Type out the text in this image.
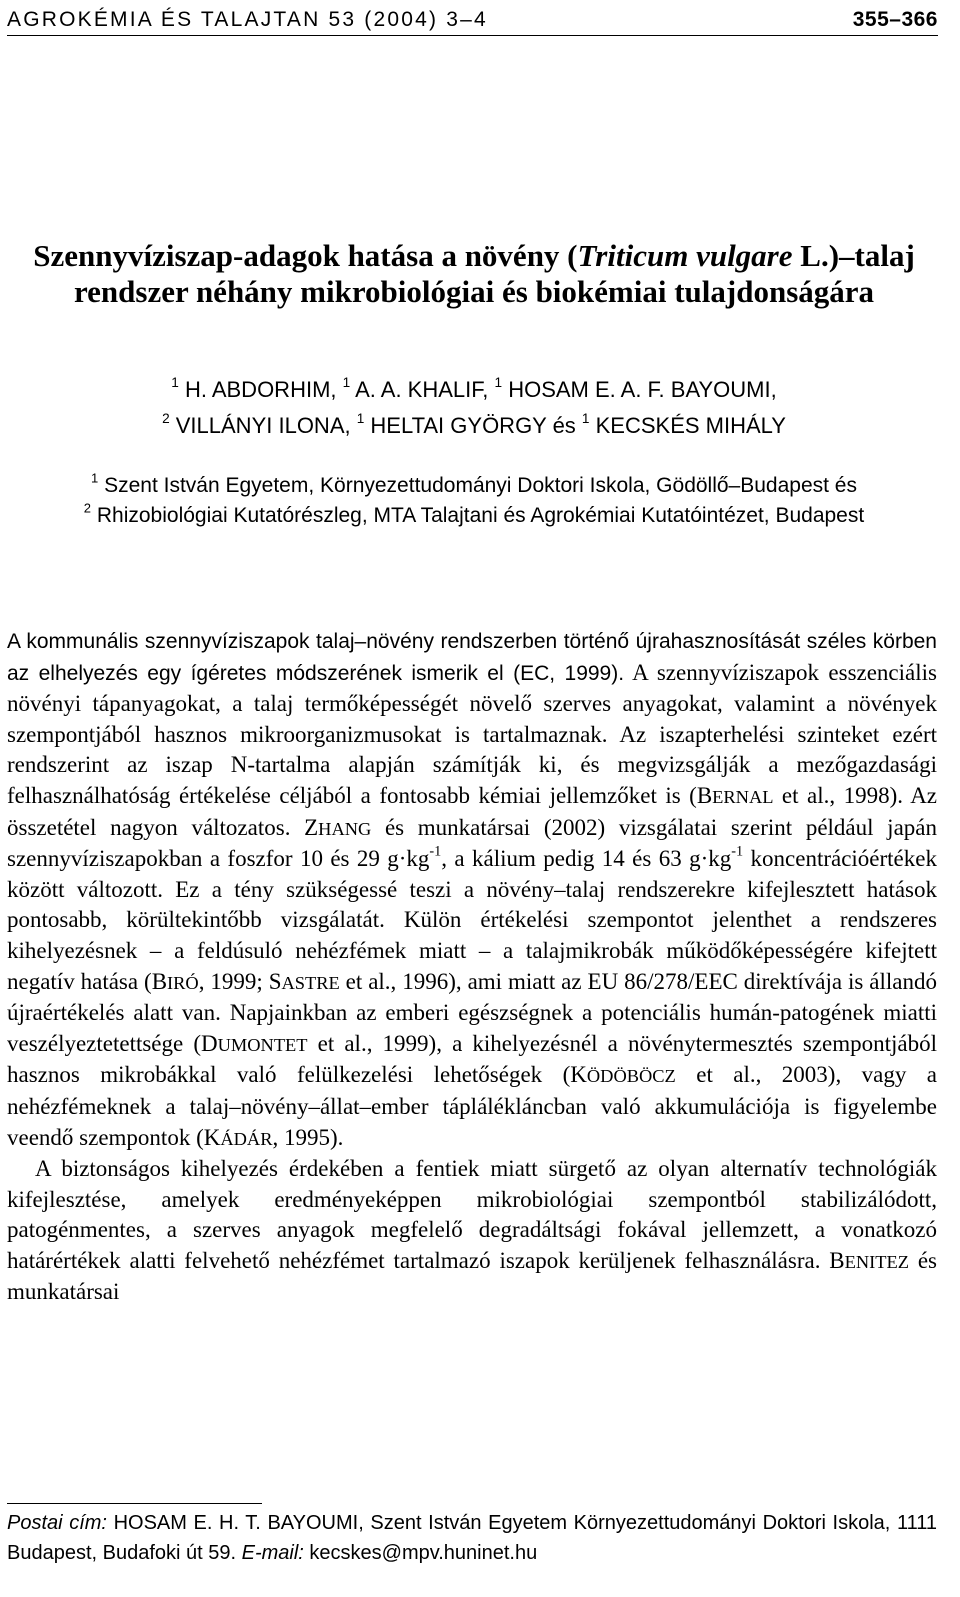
AGROKÉMIA ÉS TALAJTAN 53 (2004) 3–4	355–366
Szennyvíziszap-adagok hatása a növény (Triticum vulgare L.)–talaj rendszer néhány mikrobiológiai és biokémiai tulajdonságára
$^1$ H. ABDORHIM, $^1$ A. A. KHALIF, $^1$ HOSAM E. A. F. BAYOUMI,
$^2$ VILLÁNYI ILONA, $^1$ HELTAI GYÖRGY és $^1$ KECSKÉS MIHÁLY
$^1$ Szent István Egyetem, Környezettudományi Doktori Iskola, Gödöllő–Budapest és
$^2$ Rhizobiológiai Kutatórészleg, MTA Talajtani és Agrokémiai Kutatóintézet, Budapest

A kommunális szennyvíziszapok talaj–növény rendszerben történő újrahasznosítását széles körben az elhelyezés egy ígéretes módszerének ismerik el (EC, 1999). A szennyvíziszapok esszenciális növényi tápanyagokat, a talaj termőképességét növelő szerves anyagokat, valamint a növények szempontjából hasznos mikroorganizmusokat is tartalmaznak. Az iszapterhelési szinteket ezért rendszerint az iszap N-tartalma alapján számítják ki, és megvizsgálják a mezőgazdasági felhasználhatóság értékelése céljából a fontosabb kémiai jellemzőket is (BERNAL et al., 1998). Az összetétel nagyon változatos. ZHANG és munkatársai (2002) vizsgálatai szerint például japán szennyvíziszapokban a foszfor 10 és 29 $g\cdot kg^{-1}$, a kálium pedig 14 és 63 $g\cdot kg^{-1}$ koncentrációértékek között változott. Ez a tény szükségessé teszi a növény–talaj rendszerekre kifejlesztett hatások pontosabb, körültekintőbb vizsgálatát. Külön értékelési szempontot jelenthet a rendszeres kihelyezésnek – a feldúsuló nehézfémek miatt – a talajmikrobák működőképességére kifejtett negatív hatása (BIRÓ, 1999; SASTRE et al., 1996), ami miatt az EU 86/278/EEC direktívája is állandó újraértékelés alatt van. Napjainkban az emberi egészségnek a potenciális humán-patogének miatti veszélyeztetettsége (DUMONTET et al., 1999), a kihelyezésnél a növénytermesztés szempontjából hasznos mikrobákkal való felülkezelési lehetőségek (KÖDÖBÖCZ et al., 2003), vagy a nehézfémeknek a talaj–növény–állat–ember táplálékláncban való akkumulációja is figyelembe veendő szempontok (KÁDÁR, 1995).

A biztonságos kihelyezés érdekében a fentiek miatt sürgető az olyan alternatív technológiák kifejlesztése, amelyek eredményeképpen mikrobiológiai szempontból stabilizálódott, patogénmentes, a szerves anyagok megfelelő degradáltsági fokával jellemzett, a vonatkozó határértékek alatti felvehető nehézfémet tartalmazó iszapok kerüljenek felhasználásra. BENITEZ és munkatársai

Postai cím: HOSAM E. H. T. BAYOUMI, Szent István Egyetem Környezettudományi Doktori Iskola, 1111 Budapest, Budafoki út 59. E-mail: kecskes@mpv.huninet.hu
